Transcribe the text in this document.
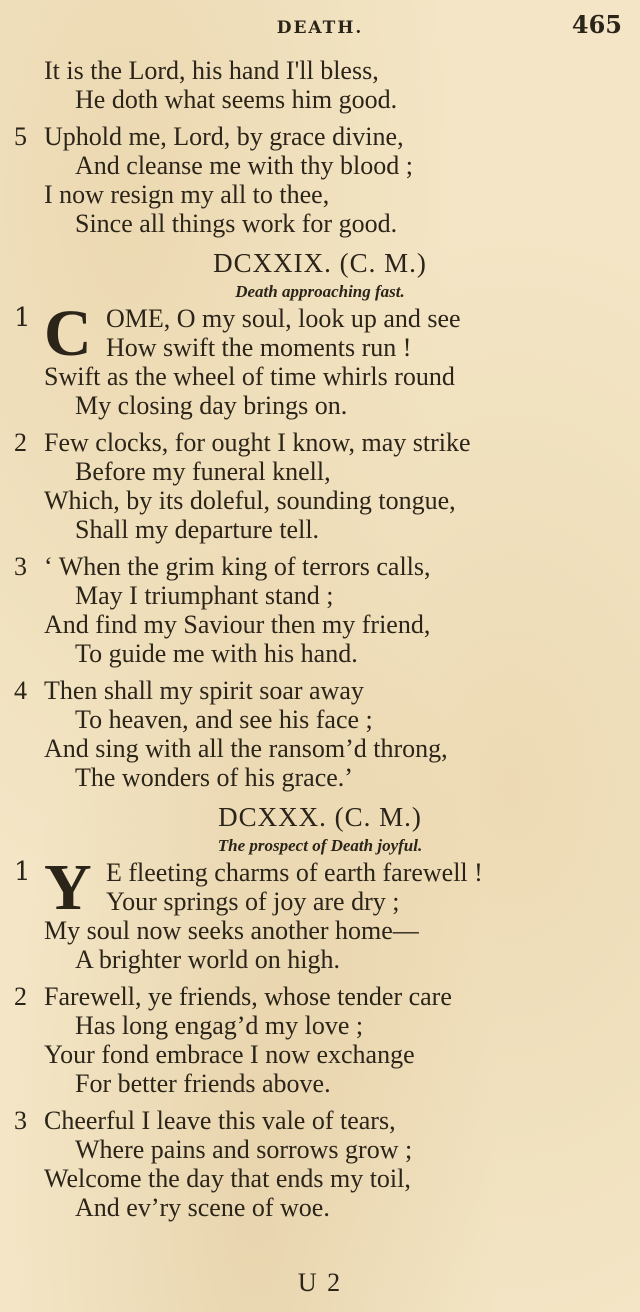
DEATH.	465
It is the Lord, his hand I'll bless,
He doth what seems him good.
5 Uphold me, Lord, by grace divine,
And cleanse me with thy blood ;
I now resign my all to thee,
Since all things work for good.
DCXXIX. (C. M.)
Death approaching fast.
1 C OME, O my soul, look up and see
How swift the moments run !
Swift as the wheel of time whirls round
My closing day brings on.
2 Few clocks, for ought I know, may strike
Before my funeral knell,
Which, by its doleful, sounding tongue,
Shall my departure tell.
3 ‘ When the grim king of terrors calls,
May I triumphant stand ;
And find my Saviour then my friend,
To guide me with his hand.
4 Then shall my spirit soar away
To heaven, and see his face ;
And sing with all the ransom’d throng,
The wonders of his grace.’
DCXXX. (C. M.)
The prospect of Death joyful.
1 Y E fleeting charms of earth farewell !
Your springs of joy are dry ;
My soul now seeks another home—
A brighter world on high.
2 Farewell, ye friends, whose tender care
Has long engag’d my love ;
Your fond embrace I now exchange
For better friends above.
3 Cheerful I leave this vale of tears,
Where pains and sorrows grow ;
Welcome the day that ends my toil,
And ev’ry scene of woe.
U 2
